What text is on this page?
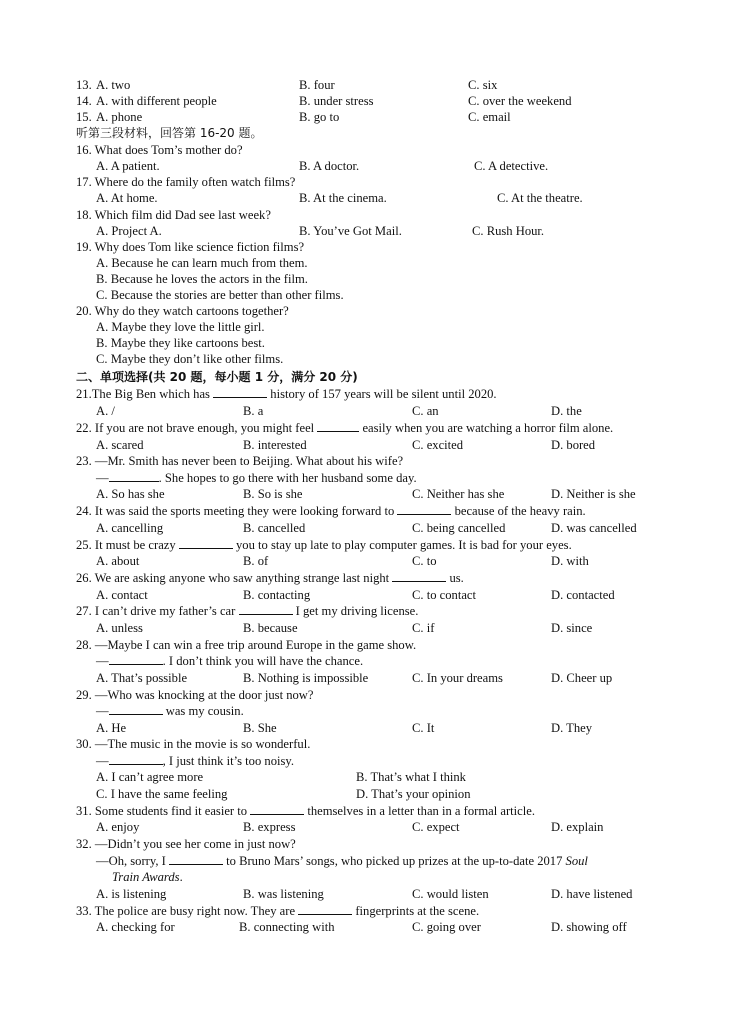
13. A. two	B. four	C. six
14. A. with different people	B. under stress	C. over the weekend
15. A. phone	B. go to	C. email
听第三段材料，回答第 16-20 题。
16. What does Tom’s mother do?
A. A patient.	B. A doctor.	C. A detective.
17. Where do the family often watch films?
A. At home.	B. At the cinema.	C. At the theatre.
18. Which film did Dad see last week?
A. Project A.	B. You’ve Got Mail.	C. Rush Hour.
19. Why does Tom like science fiction films?
A. Because he can learn much from them.
B. Because he loves the actors in the film.
C. Because the stories are better than other films.
20. Why do they watch cartoons together?
A. Maybe they love the little girl.
B. Maybe they like cartoons best.
C. Maybe they don’t like other films.
二、单项选择(共 20 题，每小题 1 分，满分 20 分)
21.The Big Ben which has	history of 157 years will be silent until 2020.
A. /	B. a	C. an	D. the
22. If you are not brave enough, you might feel	easily when you are watching a horror film alone.
A. scared	B. interested	C. excited	D. bored
23. —Mr. Smith has never been to Beijing. What about his wife?
—	. She hopes to go there with her husband some day.
A. So has she	B. So is she	C. Neither has she	D. Neither is she
24. It was said the sports meeting they were looking forward to	because of the heavy rain.
A. cancelling	B. cancelled	C. being cancelled	D. was cancelled
25. It must be crazy	you to stay up late to play computer games. It is bad for your eyes.
A. about	B. of	C. to	D. with
26. We are asking anyone who saw anything strange last night	us.
A. contact	B. contacting	C. to contact	D. contacted
27. I can’t drive my father’s car	I get my driving license.
A. unless	B. because	C. if	D. since
28. —Maybe I can win a free trip around Europe in the game show.
—	. I don’t think you will have the chance.
A. That’s possible	B. Nothing is impossible	C. In your dreams	D. Cheer up
29. —Who was knocking at the door just now?
—	was my cousin.
A. He	B. She	C. It	D. They
30. —The music in the movie is so wonderful.
—	, I just think it’s too noisy.
A. I can’t agree more	B. That’s what I think
C. I have the same feeling	D. That’s your opinion
31. Some students find it easier to	themselves in a letter than in a formal article.
A. enjoy	B. express	C. expect	D. explain
32. —Didn’t you see her come in just now?
—Oh, sorry, I	to Bruno Mars’ songs, who picked up prizes at the up-to-date 2017 Soul
Train Awards.
A. is listening	B. was listening	C. would listen	D. have listened
33. The police are busy right now. They are	fingerprints at the scene.
A. checking for	B. connecting with	C. going over	D. showing off
